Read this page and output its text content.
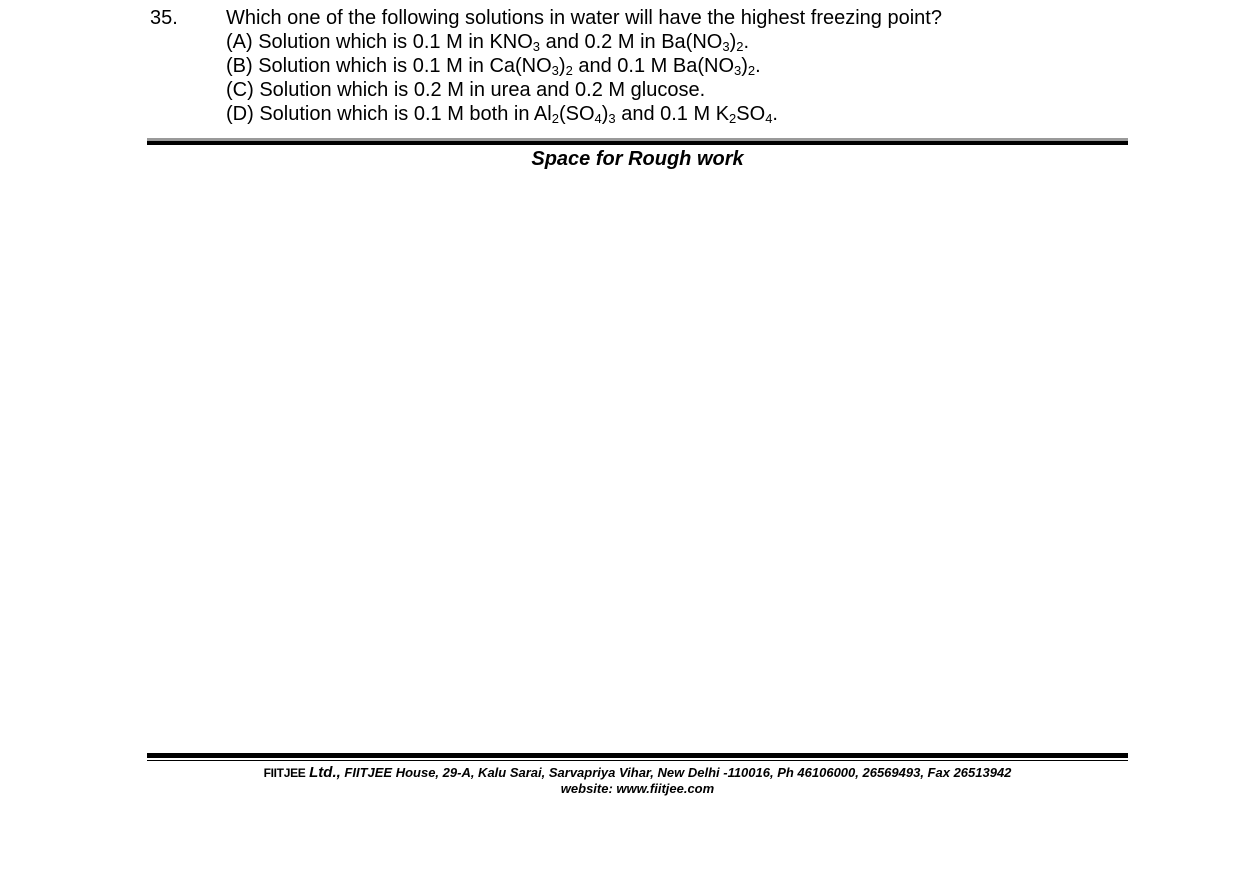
35. Which one of the following solutions in water will have the highest freezing point?
(A) Solution which is 0.1 M in $KNO_3$ and 0.2 M in $Ba(NO_3)_2$.
(B) Solution which is 0.1 M in $Ca(NO_3)_2$ and 0.1 M $Ba(NO_3)_2$.
(C) Solution which is 0.2 M in urea and 0.2 M glucose.
(D) Solution which is 0.1 M both in $Al_2(SO_4)_3$ and 0.1 M $K_2SO_4$.
Space for Rough work
FIITJEE Ltd., FIITJEE House, 29-A, Kalu Sarai, Sarvapriya Vihar, New Delhi -110016, Ph 46106000, 26569493, Fax 26513942
website: www.fiitjee.com
